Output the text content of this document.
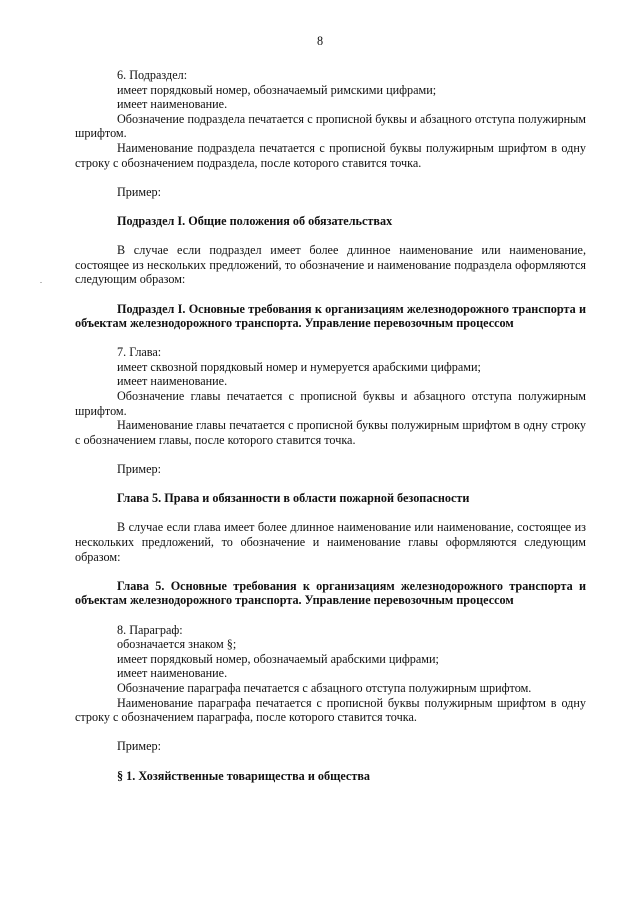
8

6. Подраздел:

имеет порядковый номер, обозначаемый римскими цифрами;

имеет наименование.

Обозначение подраздела печатается с прописной буквы и абзацного отступа полужирным шрифтом.

Наименование подраздела печатается с прописной буквы полужирным шрифтом в одну строку с обозначением подраздела, после которого ставится точка.

Пример:

Подраздел I. Общие положения об обязательствах

В случае если подраздел имеет более длинное наименование или наименование, состоящее из нескольких предложений, то обозначение и наименование подраздела оформляются следующим образом:

Подраздел I. Основные требования к организациям железнодорожного транспорта и объектам железнодорожного транспорта. Управление перевозочным процессом

7. Глава:

имеет сквозной порядковый номер и нумеруется арабскими цифрами;

имеет наименование.

Обозначение главы печатается с прописной буквы и абзацного отступа полужирным шрифтом.

Наименование главы печатается с прописной буквы полужирным шрифтом в одну строку с обозначением главы, после которого ставится точка.

Пример:

Глава 5. Права и обязанности в области пожарной безопасности

В случае если глава имеет более длинное наименование или наименование, состоящее из нескольких предложений, то обозначение и наименование главы оформляются следующим образом:

Глава 5. Основные требования к организациям железнодорожного транспорта и объектам железнодорожного транспорта. Управление перевозочным процессом

8. Параграф:

обозначается знаком §;

имеет порядковый номер, обозначаемый арабскими цифрами;

имеет наименование.

Обозначение параграфа печатается с абзацного отступа полужирным шрифтом.

Наименование параграфа печатается с прописной буквы полужирным шрифтом в одну строку с обозначением параграфа, после которого ставится точка.

Пример:

§ 1. Хозяйственные товарищества и общества
